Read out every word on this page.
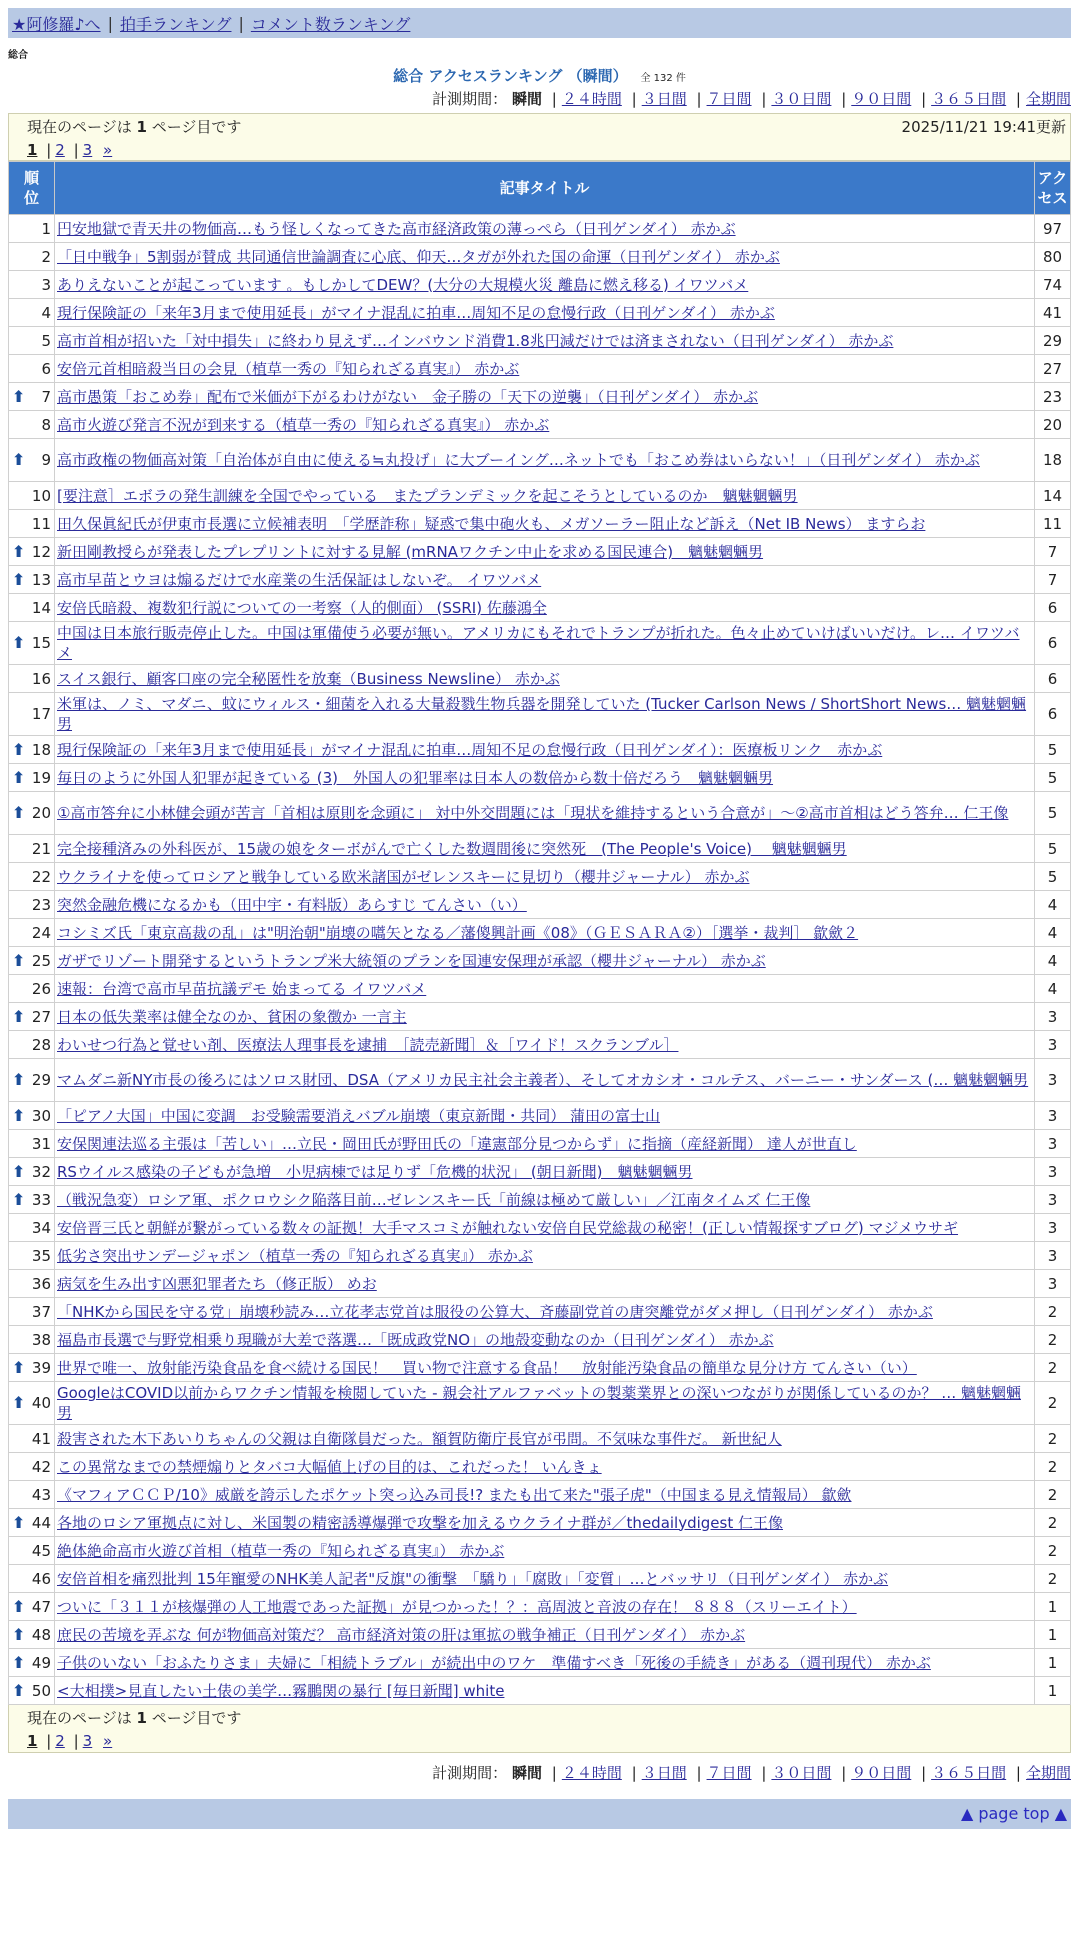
★阿修羅♪へ | 拍手ランキング | コメント数ランキング
総合
総合 アクセスランキング （瞬間） 全 132 件
計測期間： 瞬間 | ２４時間 | ３日間 | ７日間 | ３０日間 | ９０日間 | ３６５日間 | 全期間
現在のページは 1 ページ目です	2025/11/21 19:41更新
1 | 2 | 3 »
順位	記事タイトル	アクセス
1	円安地獄で青天井の物価高…もう怪しくなってきた高市経済政策の薄っぺら（日刊ゲンダイ） 赤かぶ	97
2	「日中戦争」5割弱が賛成 共同通信世論調査に心底、仰天…タガが外れた国の命運（日刊ゲンダイ） 赤かぶ	80
3	ありえないことが起こっています 。もしかしてDEW？(大分の大規模火災 離島に燃え移る) イワツバメ	74
4	現行保険証の「来年3月まで使用延長」がマイナ混乱に拍車…周知不足の怠慢行政（日刊ゲンダイ） 赤かぶ	41
5	高市首相が招いた「対中損失」に終わり見えず…インバウンド消費1.8兆円減だけでは済まされない（日刊ゲンダイ） 赤かぶ	29
6	安倍元首相暗殺当日の会見（植草一秀の『知られざる真実』） 赤かぶ	27

⬆ 7	高市愚策「おこめ券」配布で米価が下がるわけがない　金子勝の「天下の逆襲」（日刊ゲンダイ） 赤かぶ	23
8	高市火遊び発言不況が到来する（植草一秀の『知られざる真実』） 赤かぶ	20

⬆ 9	高市政権の物価高対策「自治体が自由に使える≒丸投げ」に大ブーイング…ネットでも「おこめ券はいらない！」（日刊ゲンダイ） 赤かぶ	18
10	[要注意］エボラの発生訓練を全国でやっている　またプランデミックを起こそうとしているのか　魑魅魍魎男	14
11	田久保眞紀氏が伊東市長選に立候補表明　「学歴詐称」疑惑で集中砲火も、メガソーラー阻止など訴え（Net IB News） ますらお	11

⬆ 12	新田剛教授らが発表したプレプリントに対する見解 (mRNAワクチン中止を求める国民連合)　魑魅魍魎男	7

⬆ 13	高市早苗とウヨは煽るだけで水産業の生活保証はしないぞ。 イワツバメ	7
14	安倍氏暗殺、複数犯行説についての一考察（人的側面） (SSRI) 佐藤鴻全	6

⬆ 15	中国は日本旅行販売停止した。中国は軍備使う必要が無い。アメリカにもそれでトランプが折れた。色々止めていけばいいだけ。レ… イワツバメ	6
16	スイス銀行、顧客口座の完全秘匿性を放棄（Business Newsline） 赤かぶ	6
17	米軍は、ノミ、マダニ、蚊にウィルス・細菌を入れる大量殺戮生物兵器を開発していた (Tucker Carlson News / ShortShort News… 魑魅魍魎男	6

⬆ 18	現行保険証の「来年3月まで使用延長」がマイナ混乱に拍車…周知不足の怠慢行政（日刊ゲンダイ）：医療板リンク　赤かぶ	5

⬆ 19	毎日のように外国人犯罪が起きている (3)　外国人の犯罪率は日本人の数倍から数十倍だろう　魑魅魍魎男	5

⬆ 20	①高市答弁に小林健会頭が苦言「首相は原則を念頭に」 対中外交問題には「現状を維持するという合意が」～②高市首相はどう答弁… 仁王像	5
21	完全接種済みの外科医が、15歳の娘をターボがんで亡くした数週間後に突然死　(The People's Voice)　 魑魅魍魎男	5
22	ウクライナを使ってロシアと戦争している欧米諸国がゼレンスキーに見切り（櫻井ジャーナル） 赤かぶ	5
23	突然金融危機になるかも（田中宇・有料版）あらすじ てんさい（い）	4
24	コシミズ氏「東京高裁の乱」は"明治朝"崩壊の嚆矢となる／藩傻興計画《08》（ＧＥＳＡＲＡ②）［選挙・裁判］ 歙歛２	4

⬆ 25	ガザでリゾート開発するというトランプ米大統領のプランを国連安保理が承認（櫻井ジャーナル） 赤かぶ	4
26	速報：台湾で高市早苗抗議デモ 始まってる イワツバメ	4

⬆ 27	日本の低失業率は健全なのか、貧困の象徴か 一言主	3
28	わいせつ行為と覚せい剤、医療法人理事長を逮捕　［読売新聞］＆［ワイド！スクランブル］	3

⬆ 29	マムダニ新NY市長の後ろにはソロス財団、DSA（アメリカ民主社会主義者）、そしてオカシオ・コルテス、バーニー・サンダース (… 魑魅魍魎男	3

⬆ 30	「ピアノ大国」中国に変調　お受験需要消えバブル崩壊（東京新聞・共同） 蒲田の富士山	3
31	安保関連法巡る主張は「苦しい」…立民・岡田氏が野田氏の「違憲部分見つからず」に指摘（産経新聞） 達人が世直し	3

⬆ 32	RSウイルス感染の子どもが急増　小児病棟では足りず「危機的状況」 (朝日新聞)　魑魅魍魎男	3

⬆ 33	（戦況急変）ロシア軍、ポクロウシク陥落目前…ゼレンスキー氏「前線は極めて厳しい」／江南タイムズ 仁王像	3
34	安倍晋三氏と朝鮮が繋がっている数々の証拠！大手マスコミが触れない安倍自民党総裁の秘密！(正しい情報探すブログ) マジメウサギ	3
35	低劣さ突出サンデージャポン（植草一秀の『知られざる真実』） 赤かぶ	3
36	病気を生み出す凶悪犯罪者たち（修正版） めお	3
37	「NHKから国民を守る党」崩壊秒読み…立花孝志党首は服役の公算大、斉藤副党首の唐突離党がダメ押し（日刊ゲンダイ） 赤かぶ	2
38	福島市長選で与野党相乗り現職が大差で落選…「既成政党NO」の地殻変動なのか（日刊ゲンダイ） 赤かぶ	2

⬆ 39	世界で唯一、放射能汚染食品を食べ続ける国民！　買い物で注意する食品！　放射能汚染食品の簡単な見分け方 てんさい（い）	2

⬆ 40	GoogleはCOVID以前からワクチン情報を検閲していた - 親会社アルファベットの製薬業界との深いつながりが関係しているのか？ … 魑魅魍魎男	2
41	殺害された木下あいりちゃんの父親は自衛隊員だった。額賀防衛庁長官が弔問。不気味な事件だ。 新世紀人	2
42	この異常なまでの禁煙煽りとタバコ大幅値上げの目的は、これだった！ いんきょ	2
43	《マフィアＣＣＰ/10》威厳を誇示したポケット突っ込み司長!? またも出て来た"張子虎"（中国まる見え情報局） 歙歛	2

⬆ 44	各地のロシア軍拠点に対し、米国製の精密誘導爆弾で攻撃を加えるウクライナ群が／thedailydigest 仁王像	2
45	絶体絶命高市火遊び首相（植草一秀の『知られざる真実』） 赤かぶ	2
46	安倍首相を痛烈批判 15年寵愛のNHK美人記者"反旗"の衝撃　「驕り」「腐敗」「変質」…とバッサリ（日刊ゲンダイ） 赤かぶ	2

⬆ 47	ついに「３１１が核爆弾の人工地震であった証拠」が見つかった！？：高周波と音波の存在！ ８８８（スリーエイト）	1

⬆ 48	庶民の苦境を弄ぶな 何が物価高対策だ？ 高市経済対策の肝は軍拡の戦争補正（日刊ゲンダイ） 赤かぶ	1

⬆ 49	子供のいない「おふたりさま」夫婦に「相続トラブル」が続出中のワケ　準備すべき「死後の手続き」がある（週刊現代） 赤かぶ	1

⬆ 50	<大相撲>見直したい土俵の美学…霧鵬関の暴行 [毎日新聞] white	1
現在のページは 1 ページ目です
1 | 2 | 3 »
計測期間： 瞬間 | ２４時間 | ３日間 | ７日間 | ３０日間 | ９０日間 | ３６５日間 | 全期間
▲ page top ▲
